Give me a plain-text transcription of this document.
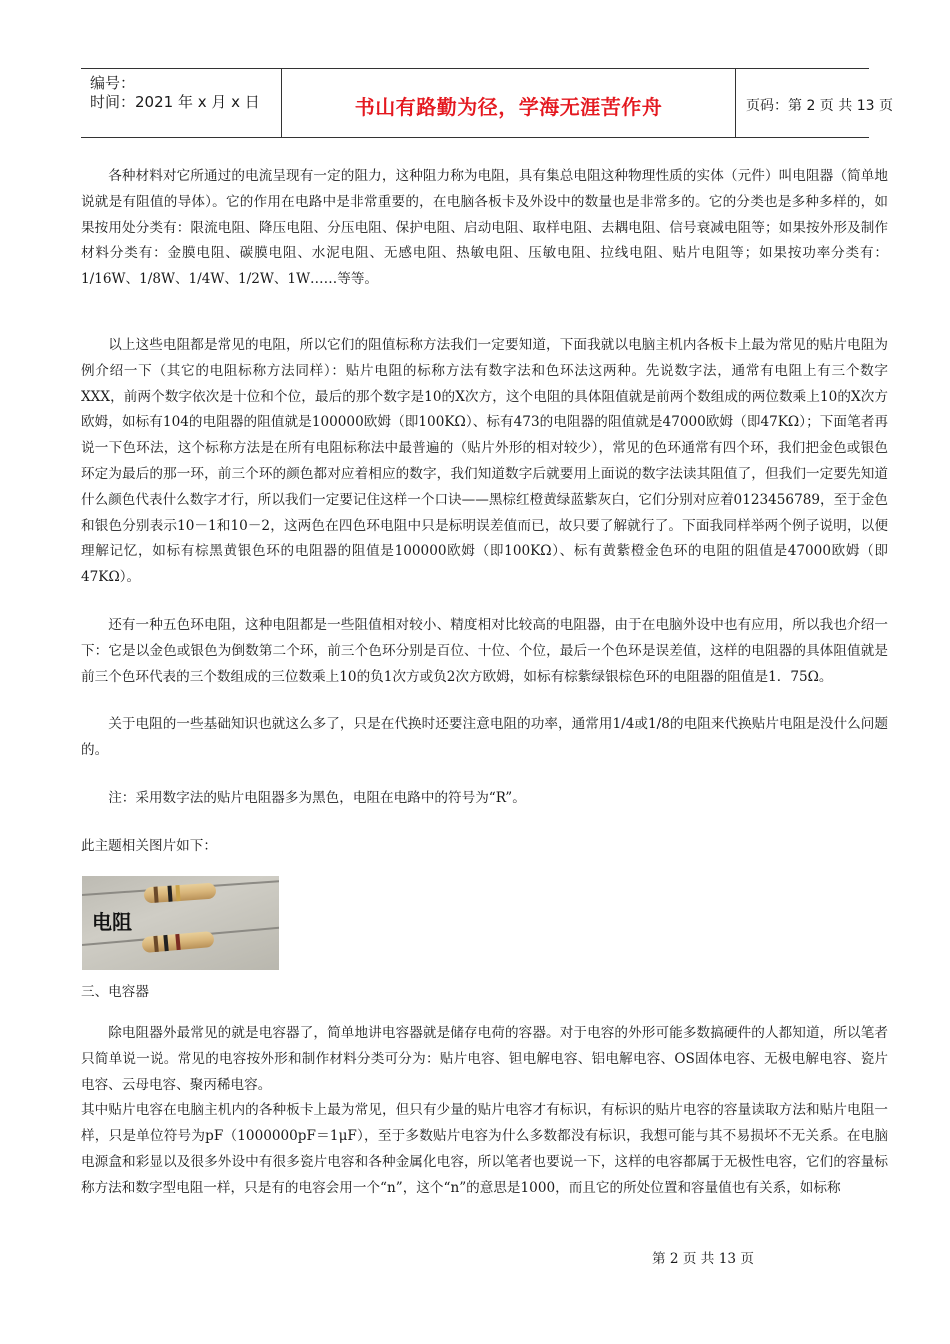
编号：
时间：2021 年 x 月 x 日	书山有路勤为径，学海无涯苦作舟	页码：第 2 页 共 13 页

各种材料对它所通过的电流呈现有一定的阻力，这种阻力称为电阻，具有集总电阻这种物理性质的实体（元件）叫电阻器（简单地说就是有阻值的导体）。它的作用在电路中是非常重要的，在电脑各板卡及外设中的数量也是非常多的。它的分类也是多种多样的，如果按用处分类有：限流电阻、降压电阻、分压电阻、保护电阻、启动电阻、取样电阻、去耦电阻、信号衰减电阻等；如果按外形及制作材料分类有：金膜电阻、碳膜电阻、水泥电阻、无感电阻、热敏电阻、压敏电阻、拉线电阻、贴片电阻等；如果按功率分类有：1/16W、1/8W、1/4W、1/2W、1W……等等。

以上这些电阻都是常见的电阻，所以它们的阻值标称方法我们一定要知道，下面我就以电脑主机内各板卡上最为常见的贴片电阻为例介绍一下（其它的电阻标称方法同样）：贴片电阻的标称方法有数字法和色环法这两种。先说数字法，通常有电阻上有三个数字XXX，前两个数字依次是十位和个位，最后的那个数字是10的X次方，这个电阻的具体阻值就是前两个数组成的两位数乘上10的X次方欧姆，如标有104的电阻器的阻值就是100000欧姆（即100KΩ）、标有473的电阻器的阻值就是47000欧姆（即47KΩ）；下面笔者再说一下色环法，这个标称方法是在所有电阻标称法中最普遍的（贴片外形的相对较少），常见的色环通常有四个环，我们把金色或银色环定为最后的那一环，前三个环的颜色都对应着相应的数字，我们知道数字后就要用上面说的数字法读其阻值了，但我们一定要先知道什么颜色代表什么数字才行，所以我们一定要记住这样一个口诀——黑棕红橙黄绿蓝紫灰白，它们分别对应着0123456789，至于金色和银色分别表示10－1和10－2，这两色在四色环电阻中只是标明误差值而已，故只要了解就行了。下面我同样举两个例子说明，以便理解记忆，如标有棕黑黄银色环的电阻器的阻值是100000欧姆（即100KΩ）、标有黄紫橙金色环的电阻的阻值是47000欧姆（即47KΩ）。

还有一种五色环电阻，这种电阻都是一些阻值相对较小、精度相对比较高的电阻器，由于在电脑外设中也有应用，所以我也介绍一下：它是以金色或银色为倒数第二个环，前三个色环分别是百位、十位、个位，最后一个色环是误差值，这样的电阻器的具体阻值就是前三个色环代表的三个数组成的三位数乘上10的负1次方或负2次方欧姆，如标有棕紫绿银棕色环的电阻器的阻值是1．75Ω。

关于电阻的一些基础知识也就这么多了，只是在代换时还要注意电阻的功率，通常用1/4或1/8的电阻来代换贴片电阻是没什么问题的。

注：采用数字法的贴片电阻器多为黑色，电阻在电路中的符号为“R”。

此主题相关图片如下：

电阻
三、电容器

除电阻器外最常见的就是电容器了，简单地讲电容器就是储存电荷的容器。对于电容的外形可能多数搞硬件的人都知道，所以笔者只简单说一说。常见的电容按外形和制作材料分类可分为：贴片电容、钽电解电容、铝电解电容、OS固体电容、无极电解电容、瓷片电容、云母电容、聚丙稀电容。

其中贴片电容在电脑主机内的各种板卡上最为常见，但只有少量的贴片电容才有标识，有标识的贴片电容的容量读取方法和贴片电阻一样，只是单位符号为pF（1000000pF＝1μF），至于多数贴片电容为什么多数都没有标识，我想可能与其不易损坏不无关系。在电脑电源盒和彩显以及很多外设中有很多瓷片电容和各种金属化电容，所以笔者也要说一下，这样的电容都属于无极性电容，它们的容量标称方法和数字型电阻一样，只是有的电容会用一个“n”，这个“n”的意思是1000，而且它的所处位置和容量值也有关系，如标称

第 2 页 共 13 页
